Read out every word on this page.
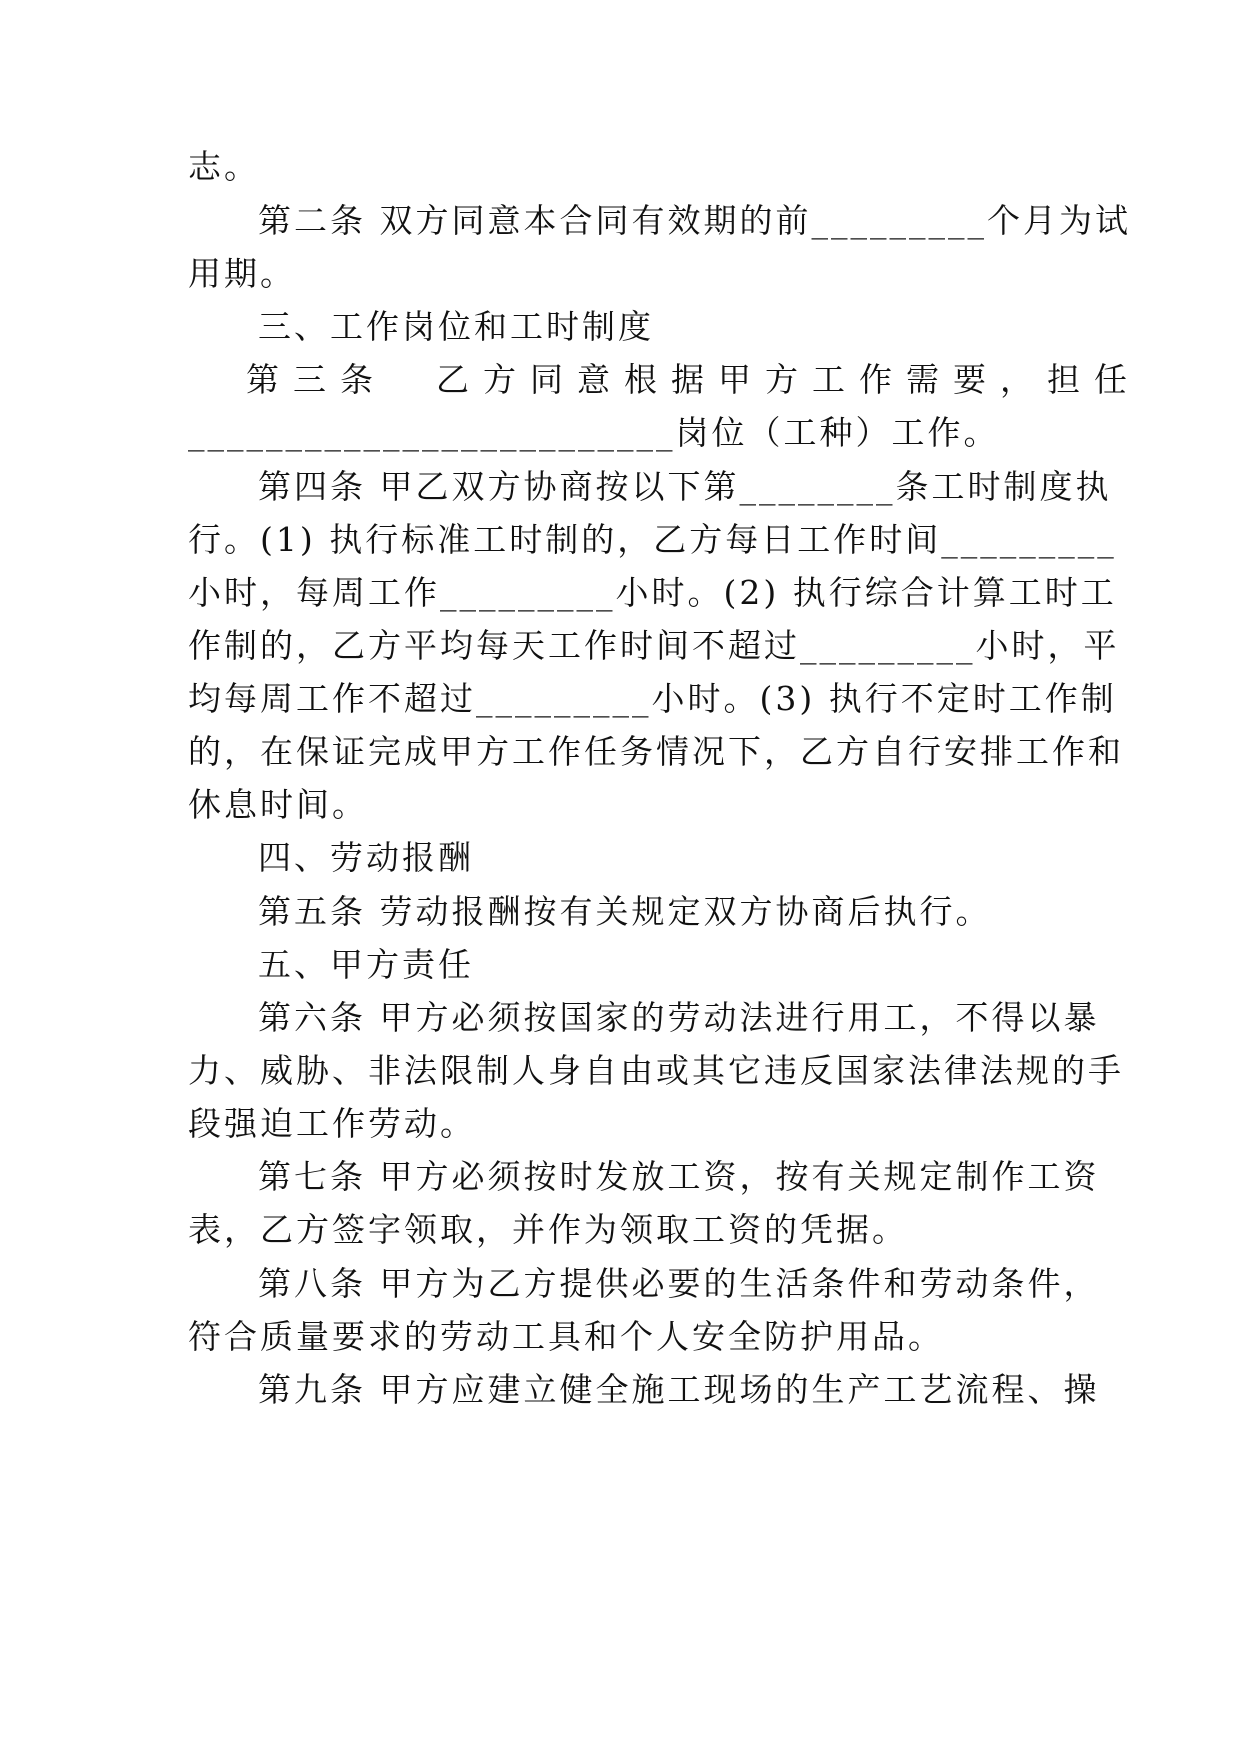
志。
第二条 双方同意本合同有效期的前_________个月为试
用期。
三、工作岗位和工时制度
第三条  乙方同意根据甲方工作需要，担任
_________________________岗位（工种）工作。
第四条 甲乙双方协商按以下第________条工时制度执
行。(1) 执行标准工时制的，乙方每日工作时间_________
小时，每周工作_________小时。(2) 执行综合计算工时工
作制的，乙方平均每天工作时间不超过_________小时，平
均每周工作不超过_________小时。(3) 执行不定时工作制
的，在保证完成甲方工作任务情况下，乙方自行安排工作和
休息时间。
四、劳动报酬
第五条 劳动报酬按有关规定双方协商后执行。
五、甲方责任
第六条 甲方必须按国家的劳动法进行用工，不得以暴
力、威胁、非法限制人身自由或其它违反国家法律法规的手
段强迫工作劳动。
第七条 甲方必须按时发放工资，按有关规定制作工资
表，乙方签字领取，并作为领取工资的凭据。
第八条 甲方为乙方提供必要的生活条件和劳动条件，
符合质量要求的劳动工具和个人安全防护用品。
第九条 甲方应建立健全施工现场的生产工艺流程、操
